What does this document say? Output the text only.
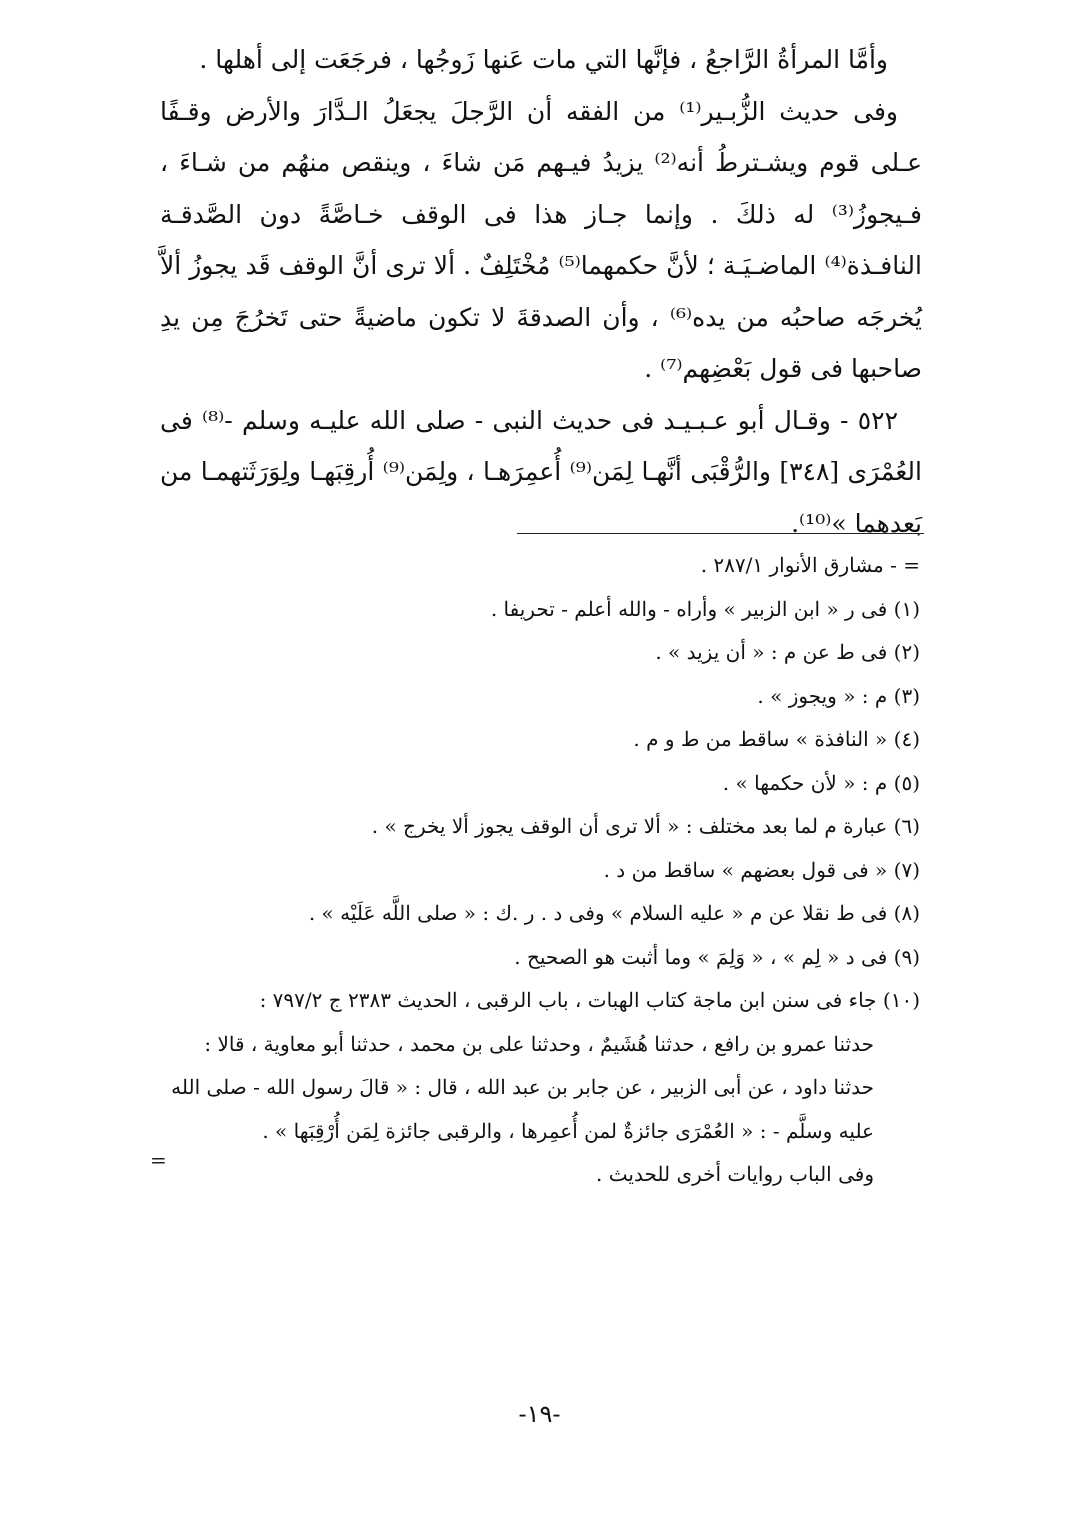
وأمَّا المرأةُ الرَّاجعُ ، فإنَّها التي مات عَنها زَوجُها ، فرجَعَت إلى أهلها .

وفى حديث الزُّبـير⁽¹⁾ من الفقه أن الرَّجلَ يجعَلُ الـدَّارَ والأرض وقـفًا عـلى قوم ويشـترطُ أنه⁽²⁾ يزيدُ فيـهم مَن شاءَ ، وينقص منهُم من شـاءَ ، فـيجوزُ⁽³⁾ له ذلكَ . وإنما جـاز هذا فى الوقف خـاصَّةً دون الصَّدقـة النافـذة⁽⁴⁾ الماضـيَـة ؛ لأنَّ حكمهما⁽⁵⁾ مُخْتَلِفٌ . ألا ترى أنَّ الوقف قَد يجوزُ ألاَّ يُخرجَه صاحبُه من يده⁽⁶⁾ ، وأن الصدقةَ لا تكون ماضيةً حتى تَخرُجَ مِن يدِ صاحبها فى قول بَعْضِهم⁽⁷⁾ .

٥٢٢ - وقـال أبو عـبـيـد فى حديث النبى - صلى الله عليـه وسلم -⁽⁸⁾ فى العُمْرَى [٣٤٨] والرُّقْبَى أنَّهـا لِمَن⁽⁹⁾ أُعمِرَهـا ، ولِمَن⁽⁹⁾ أُرقِبَهـا ولِوَرَثَتهمـا من بَعدهما »⁽¹⁰⁾.

= - مشارق الأنوار ٢٨٧/١ .
(١) فى ر « ابن الزبير » وأراه - والله أعلم - تحريفا .
(٢) فى ط عن م : « أن يزيد » .
(٣) م : « ويجوز » .
(٤) « النافذة » ساقط من ط و م .
(٥) م : « لأن حكمها » .
(٦) عبارة م لما بعد مختلف : « ألا ترى أن الوقف يجوز ألا يخرج » .
(٧) « فى قول بعضهم » ساقط من د .
(٨) فى ط نقلا عن م « عليه السلام » وفى د . ر .ك : « صلى اللَّه عَلَيْه » .
(٩) فى د « لِم » ، « وَلِمَ » وما أثبت هو الصحيح .
(١٠) جاء فى سنن ابن ماجة كتاب الهبات ، باب الرقبى ، الحديث ٢٣٨٣ ج ٧٩٧/٢ :
حدثنا عمرو بن رافع ، حدثنا هُشَيمٌ ، وحدثنا على بن محمد ، حدثنا أبو معاوية ، قالا :
حدثنا داود ، عن أبى الزبير ، عن جابر بن عبد الله ، قال : « قالَ رسول الله - صلى الله
عليه وسلَّم - : « العُمْرَى جائزةٌ لمن أُعمِرها ، والرقبى جائزة لِمَن أُرْقِبَها » .
وفى الباب روايات أخرى للحديث .
=
-١٩-
